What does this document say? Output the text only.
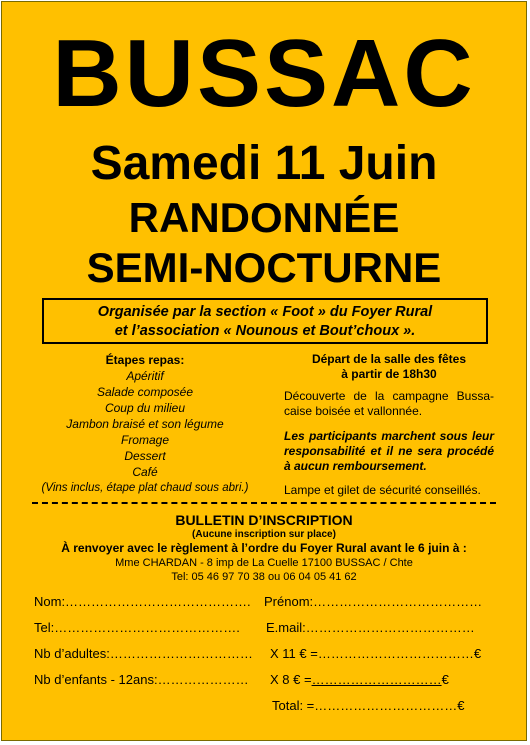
BUSSAC
Samedi 11 Juin
RANDONNÉE
SEMI-NOCTURNE
Organisée par la section « Foot » du Foyer Rural
et l’association « Nounous et Bout’choux ».
Étapes repas:
Apéritif
Salade composée
Coup du milieu
Jambon braisé et son légume
Fromage
Dessert
Café
(Vins inclus, étape plat chaud sous abri.)
Départ de la salle des fêtes
à partir de 18h30

Découverte de la campagne Bussa-caise boisée et vallonnée.

Les participants marchent sous leur responsabilité et il ne sera procédé à aucun remboursement.

Lampe et gilet de sécurité conseillés.

BULLETIN D’INSCRIPTION
(Aucune inscription sur place)
À renvoyer avec le règlement à l’ordre du Foyer Rural avant le 6 juin à :
Mme CHARDAN - 8 imp de La Cuelle 17100 BUSSAC / Chte
Tel: 05 46 97 70 38 ou 06 04 05 41 62
Nom:……………………………………. Prénom:…………………………………
Tel:……………………………………. E.mail:…………………………………
Nb d’adultes:…………………………… X 11 € =………………………………€
Nb d’enfants - 12ans:………………… X 8 € =…………………………€
Total: =……………………………€
